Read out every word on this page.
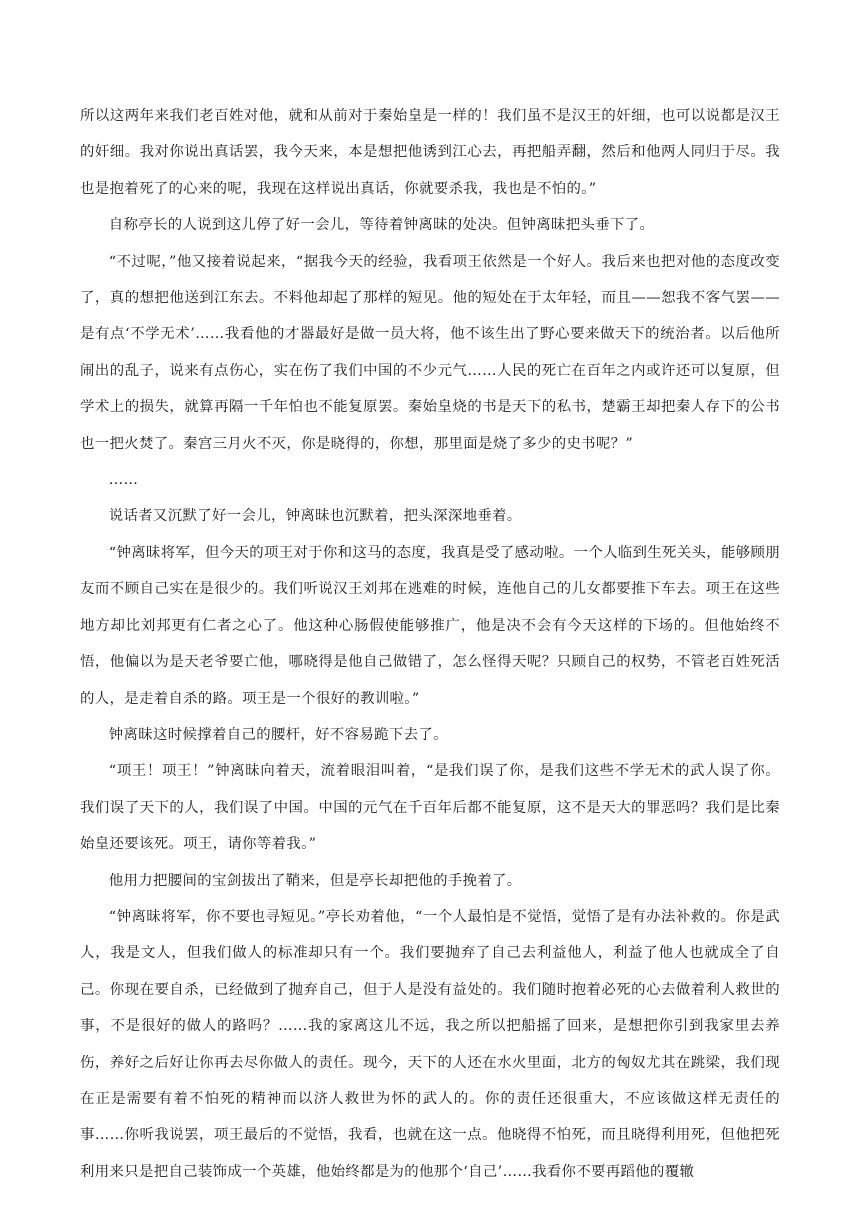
所以这两年来我们老百姓对他，就和从前对于秦始皇是一样的！我们虽不是汉王的奸细，也可以说都是汉王的奸细。我对你说出真话罢，我今天来，本是想把他诱到江心去，再把船弄翻，然后和他两人同归于尽。我也是抱着死了的心来的呢，我现在这样说出真话，你就要杀我，我也是不怕的。”

自称亭长的人说到这儿停了好一会儿，等待着钟离昧的处决。但钟离昧把头垂下了。

“不过呢，”他又接着说起来，“据我今天的经验，我看项王依然是一个好人。我后来也把对他的态度改变了，真的想把他送到江东去。不料他却起了那样的短见。他的短处在于太年轻，而且——恕我不客气罢——是有点‘不学无术’……我看他的才器最好是做一员大将，他不该生出了野心要来做天下的统治者。以后他所闹出的乱子，说来有点伤心，实在伤了我们中国的不少元气……人民的死亡在百年之内或许还可以复原，但学术上的损失，就算再隔一千年怕也不能复原罢。秦始皇烧的书是天下的私书，楚霸王却把秦人存下的公书也一把火焚了。秦宫三月火不灭，你是晓得的，你想，那里面是烧了多少的史书呢？”

……

说话者又沉默了好一会儿，钟离昧也沉默着，把头深深地垂着。

“钟离昧将军，但今天的项王对于你和这马的态度，我真是受了感动啦。一个人临到生死关头，能够顾朋友而不顾自己实在是很少的。我们听说汉王刘邦在逃难的时候，连他自己的儿女都要推下车去。项王在这些地方却比刘邦更有仁者之心了。他这种心肠假使能够推广，他是决不会有今天这样的下场的。但他始终不悟，他偏以为是天老爷要亡他，哪晓得是他自己做错了，怎么怪得天呢？只顾自己的权势，不管老百姓死活的人，是走着自杀的路。项王是一个很好的教训啦。”

钟离昧这时候撑着自己的腰杆，好不容易跪下去了。

“项王！项王！”钟离昧向着天，流着眼泪叫着，“是我们误了你，是我们这些不学无术的武人误了你。我们误了天下的人，我们误了中国。中国的元气在千百年后都不能复原，这不是天大的罪恶吗？我们是比秦始皇还要该死。项王，请你等着我。”

他用力把腰间的宝剑拔出了鞘来，但是亭长却把他的手挽着了。

“钟离昧将军，你不要也寻短见。”亭长劝着他，“一个人最怕是不觉悟，觉悟了是有办法补救的。你是武人，我是文人，但我们做人的标准却只有一个。我们要抛弃了自己去利益他人，利益了他人也就成全了自己。你现在要自杀，已经做到了抛弃自己，但于人是没有益处的。我们随时抱着必死的心去做着利人救世的事，不是很好的做人的路吗？……我的家离这儿不远，我之所以把船摇了回来，是想把你引到我家里去养伤，养好之后好让你再去尽你做人的责任。现今，天下的人还在水火里面，北方的匈奴尤其在跳梁，我们现在正是需要有着不怕死的精神而以济人救世为怀的武人的。你的责任还很重大，不应该做这样无责任的事……你听我说罢，项王最后的不觉悟，我看，也就在这一点。他晓得不怕死，而且晓得利用死，但他把死利用来只是把自己装饰成一个英雄，他始终都是为的他那个‘自己’……我看你不要再蹈他的覆辙
